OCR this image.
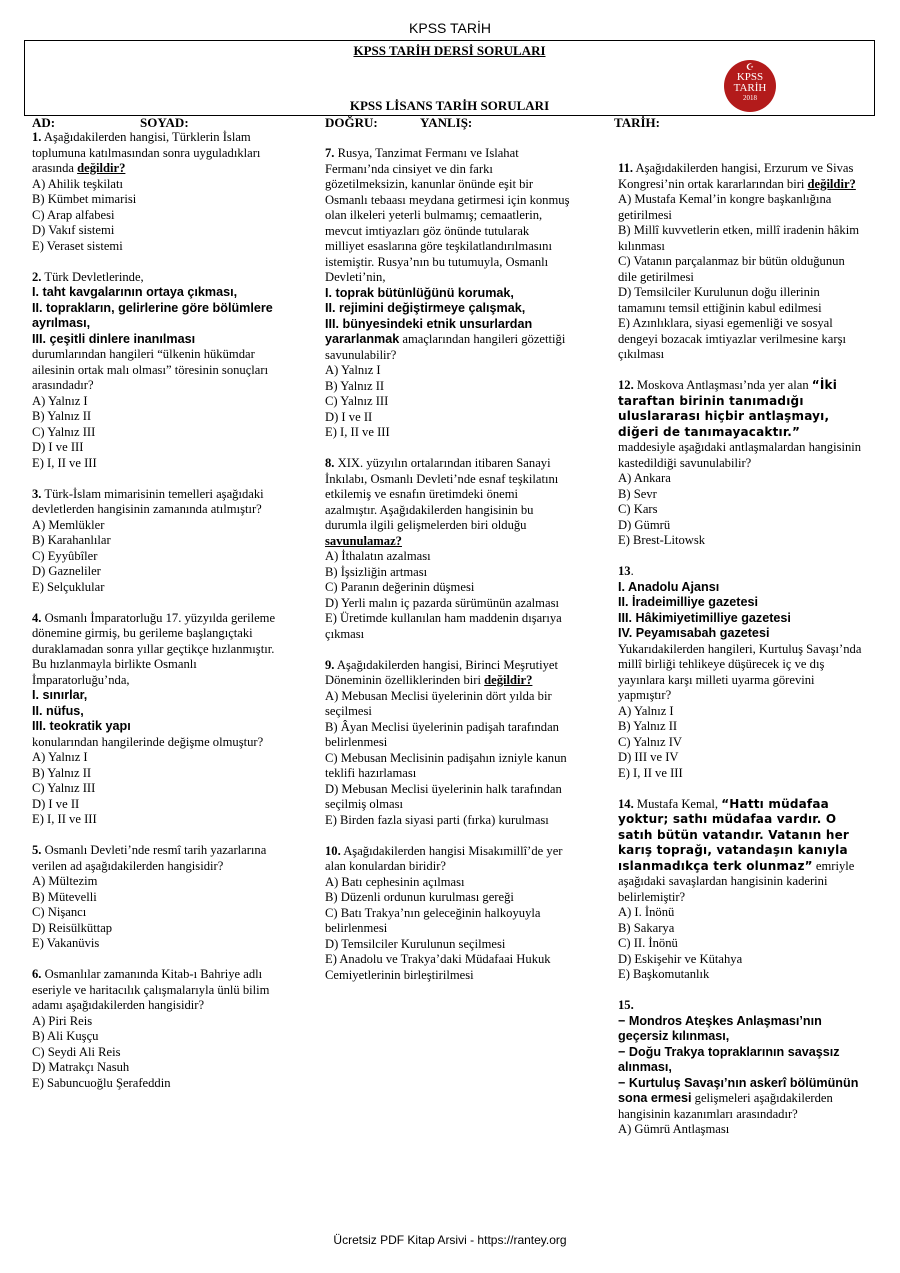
KPSS TARİH
KPSS TARİH DERSİ SORULARI
KPSS LİSANS TARİH SORULARI
☪
KPSS
TARİH
2018
AD:	SOYAD:	DOĞRU:	YANLIŞ:	TARİH:

1. Aşağıdakilerden hangisi, Türklerin İslam toplumuna katılmasından sonra uyguladıkları arasında değildir?

A) Ahilik teşkilatı

B) Kümbet mimarisi

C) Arap alfabesi

D) Vakıf sistemi

E) Veraset sistemi

2. Türk Devletlerinde,

I. taht kavgalarının ortaya çıkması,

II. toprakların, gelirlerine göre bölümlere ayrılması,

III. çeşitli dinlere inanılması

durumlarından hangileri “ülkenin hükümdar ailesinin ortak malı olması” töresinin sonuçları arasındadır?

A) Yalnız I

B) Yalnız II

C) Yalnız III

D) I ve III

E) I, II ve III

3. Türk-İslam mimarisinin temelleri aşağıdaki devletlerden hangisinin zamanında atılmıştır?

A) Memlükler

B) Karahanlılar

C) Eyyûbîler

D) Gazneliler

E) Selçuklular

4. Osmanlı İmparatorluğu 17. yüzyılda gerileme dönemine girmiş, bu gerileme başlangıçtaki duraklamadan sonra yıllar geçtikçe hızlanmıştır. Bu hızlanmayla birlikte Osmanlı İmparatorluğu’nda,

I. sınırlar,

II. nüfus,

III. teokratik yapı

konularından hangilerinde değişme olmuştur?

A) Yalnız I

B) Yalnız II

C) Yalnız III

D) I ve II

E) I, II ve III

5. Osmanlı Devleti’nde resmî tarih yazarlarına verilen ad aşağıdakilerden hangisidir?

A) Mültezim

B) Mütevelli

C) Nişancı

D) Reisülküttap

E) Vakanüvis

6. Osmanlılar zamanında Kitab-ı Bahriye adlı eseriyle ve haritacılık çalışmalarıyla ünlü bilim adamı aşağıdakilerden hangisidir?

A) Piri Reis

B) Ali Kuşçu

C) Seydi Ali Reis

D) Matrakçı Nasuh

E) Sabuncuoğlu Şerafeddin

7. Rusya, Tanzimat Fermanı ve Islahat Fermanı’nda cinsiyet ve din farkı gözetilmeksizin, kanunlar önünde eşit bir Osmanlı tebaası meydana getirmesi için konmuş olan ilkeleri yeterli bulmamış; cemaatlerin, mevcut imtiyazları göz önünde tutularak milliyet esaslarına göre teşkilatlandırılmasını istemiştir. Rusya’nın bu tutumuyla, Osmanlı Devleti’nin,

I. toprak bütünlüğünü korumak,

II. rejimini değiştirmeye çalışmak,

III. bünyesindeki etnik unsurlardan yararlanmak amaçlarından hangileri gözettiği savunulabilir?

A) Yalnız I

B) Yalnız II

C) Yalnız III

D) I ve II

E) I, II ve III

8. XIX. yüzyılın ortalarından itibaren Sanayi İnkılabı, Osmanlı Devleti’nde esnaf teşkilatını etkilemiş ve esnafın üretimdeki önemi azalmıştır. Aşağıdakilerden hangisinin bu durumla ilgili gelişmelerden biri olduğu savunulamaz?

A) İthalatın azalması

B) İşsizliğin artması

C) Paranın değerinin düşmesi

D) Yerli malın iç pazarda sürümünün azalması

E) Üretimde kullanılan ham maddenin dışarıya çıkması

9. Aşağıdakilerden hangisi, Birinci Meşrutiyet Döneminin özelliklerinden biri değildir?

A) Mebusan Meclisi üyelerinin dört yılda bir seçilmesi

B) Âyan Meclisi üyelerinin padişah tarafından belirlenmesi

C) Mebusan Meclisinin padişahın izniyle kanun teklifi hazırlaması

D) Mebusan Meclisi üyelerinin halk tarafından seçilmiş olması

E) Birden fazla siyasi parti (fırka) kurulması

10. Aşağıdakilerden hangisi Misakımillî’de yer alan konulardan biridir?

A) Batı cephesinin açılması

B) Düzenli ordunun kurulması gereği

C) Batı Trakya’nın geleceğinin halkoyuyla belirlenmesi

D) Temsilciler Kurulunun seçilmesi

E) Anadolu ve Trakya’daki Müdafaai Hukuk Cemiyetlerinin birleştirilmesi

11. Aşağıdakilerden hangisi, Erzurum ve Sivas Kongresi’nin ortak kararlarından biri değildir?

A) Mustafa Kemal’in kongre başkanlığına getirilmesi

B) Millî kuvvetlerin etken, millî iradenin hâkim kılınması

C) Vatanın parçalanmaz bir bütün olduğunun dile getirilmesi

D) Temsilciler Kurulunun doğu illerinin tamamını temsil ettiğinin kabul edilmesi

E) Azınlıklara, siyasi egemenliği ve sosyal dengeyi bozacak imtiyazlar verilmesine karşı çıkılması

12. Moskova Antlaşması’nda yer alan “İki taraftan birinin tanımadığı uluslararası hiçbir antlaşmayı, diğeri de tanımayacaktır.”

maddesiyle aşağıdaki antlaşmalardan hangisinin kastedildiği savunulabilir?

A) Ankara

B) Sevr

C) Kars

D) Gümrü

E) Brest-Litowsk

13.

I. Anadolu Ajansı

II. İradeimilliye gazetesi

III. Hâkimiyetimilliye gazetesi

IV. Peyamısabah gazetesi

Yukarıdakilerden hangileri, Kurtuluş Savaşı’nda millî birliği tehlikeye düşürecek iç ve dış yayınlara karşı milleti uyarma görevini yapmıştır?

A) Yalnız I

B) Yalnız II

C) Yalnız IV

D) III ve IV

E) I, II ve III

14. Mustafa Kemal, “Hattı müdafaa yoktur; sathı müdafaa vardır. O satıh bütün vatandır. Vatanın her karış toprağı, vatandaşın kanıyla ıslanmadıkça terk olunmaz” emriyle aşağıdaki savaşlardan hangisinin kaderini belirlemiştir?

A) I. İnönü

B) Sakarya

C) II. İnönü

D) Eskişehir ve Kütahya

E) Başkomutanlık

15.

− Mondros Ateşkes Anlaşması’nın geçersiz kılınması,

− Doğu Trakya topraklarının savaşsız alınması,

− Kurtuluş Savaşı’nın askerî bölümünün sona ermesi gelişmeleri aşağıdakilerden hangisinin kazanımları arasındadır?

A) Gümrü Antlaşması

Ücretsiz PDF Kitap Arsivi - https://rantey.org
